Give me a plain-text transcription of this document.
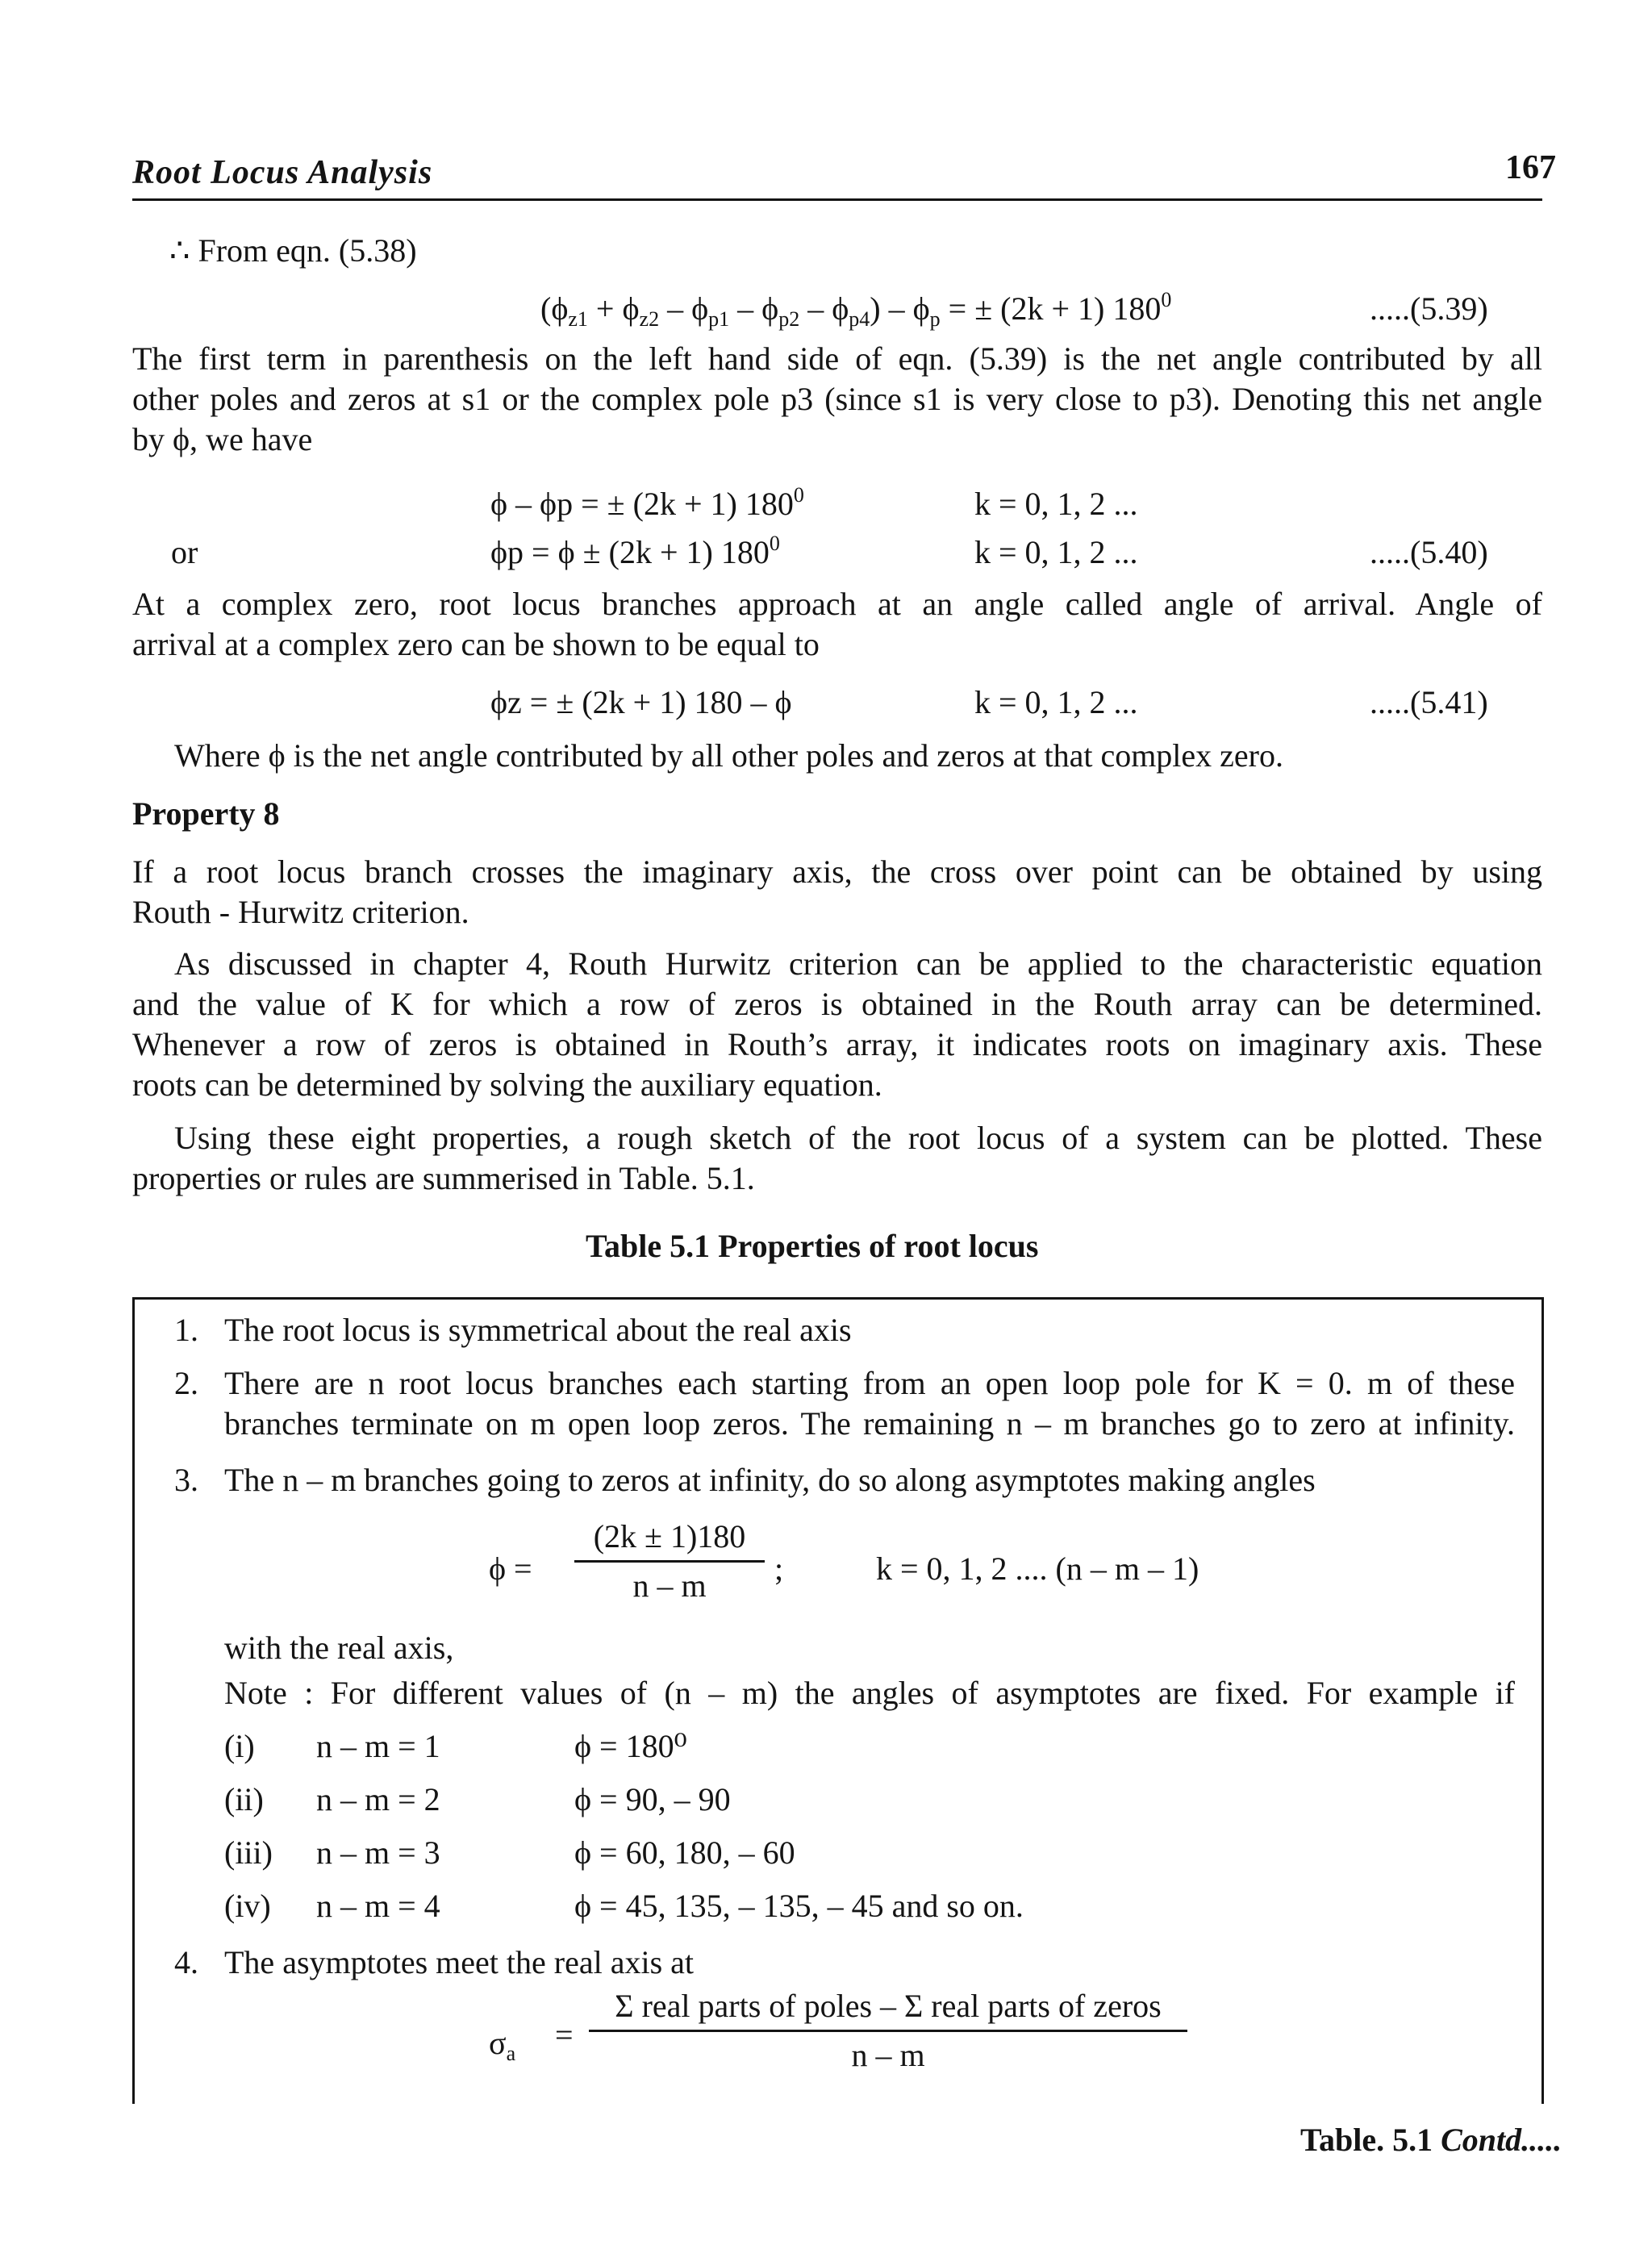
Root Locus Analysis	167
∴ From eqn. (5.38)
$(\phi_{z1} + \phi_{z2} - \phi_{p1} - \phi_{p2} - \phi_{p4}) - \phi_p$ = ± (2k + 1) $180^0$	.....(5.39)
The first term in parenthesis on the left hand side of eqn. (5.39) is the net angle contributed by all
other poles and zeros at s1 or the complex pole p3 (since s1 is very close to p3). Denoting this net angle
by ϕ, we have
ϕ – ϕp = ± (2k + 1) $180^0$	k = 0, 1, 2 ...
or	ϕp = ϕ ± (2k + 1) $180^0$	k = 0, 1, 2 ...	.....(5.40)
At a complex zero, root locus branches approach at an angle called angle of arrival. Angle of
arrival at a complex zero can be shown to be equal to
ϕz = ± (2k + 1) 180 – ϕ	k = 0, 1, 2 ...	.....(5.41)
Where ϕ is the net angle contributed by all other poles and zeros at that complex zero.
Property 8
If a root locus branch crosses the imaginary axis, the cross over point can be obtained by using
Routh - Hurwitz criterion.
As discussed in chapter 4, Routh Hurwitz criterion can be applied to the characteristic equation
and the value of K for which a row of zeros is obtained in the Routh array can be determined.
Whenever a row of zeros is obtained in Routh’s array, it indicates roots on imaginary axis. These
roots can be determined by solving the auxiliary equation.
Using these eight properties, a rough sketch of the root locus of a system can be plotted. These
properties or rules are summerised in Table. 5.1.
Table 5.1 Properties of root locus
1. The root locus is symmetrical about the real axis
2. There are n root locus branches each starting from an open loop pole for K = 0. m of these
branches terminate on m open loop zeros. The remaining n – m branches go to zero at infinity.
3. The n – m branches going to zeros at infinity, do so along asymptotes making angles
ϕ =
(2k ± 1)180
n – m	;	k = 0, 1, 2 .... (n – m – 1)
with the real axis,
Note : For different values of (n – m) the angles of asymptotes are fixed. For example if
(i) n – m = 1	ϕ = 180⁰
(ii) n – m = 2	ϕ = 90, – 90
(iii) n – m = 3	ϕ = 60, 180, – 60
(iv) n – m = 4	ϕ = 45, 135, – 135, – 45 and so on.
4. The asymptotes meet the real axis at
$\sigma_a$
=
Σ real parts of poles – Σ real parts of zeros
n – m
Table. 5.1 Contd.....
